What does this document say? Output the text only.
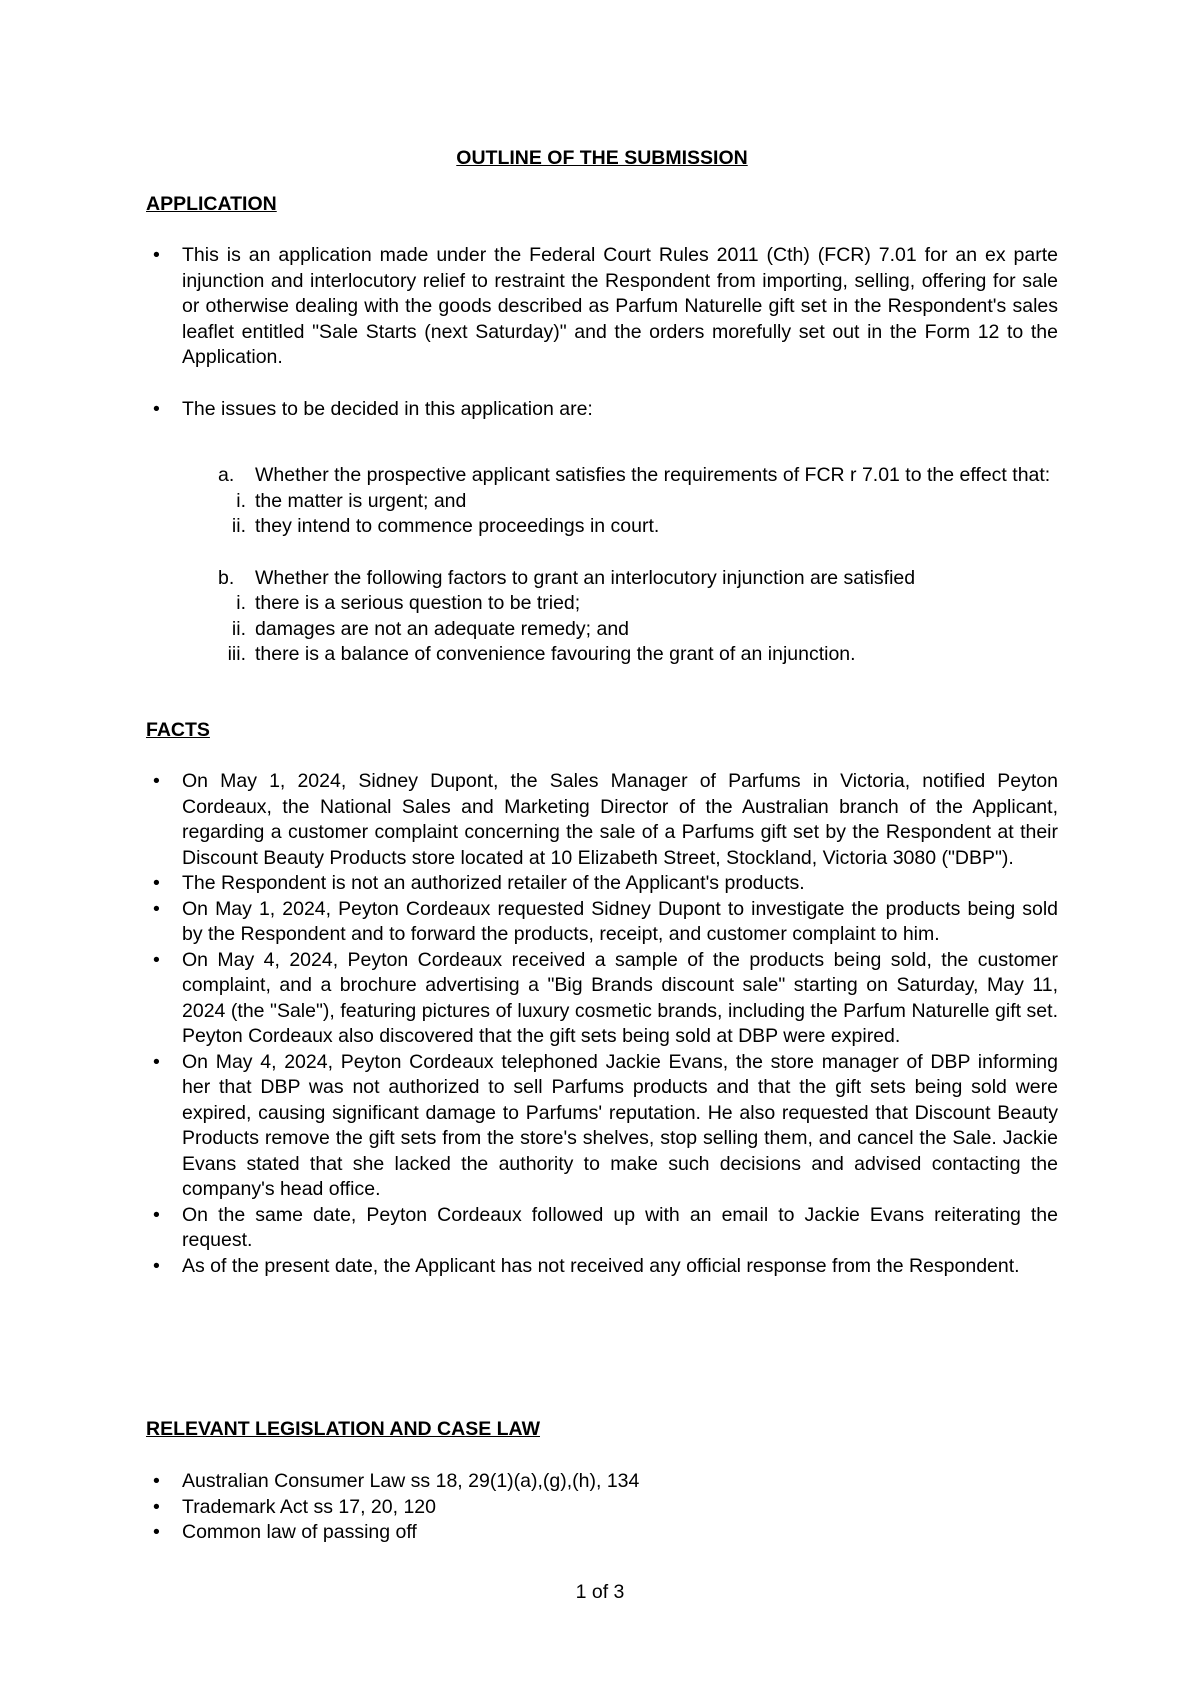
OUTLINE OF THE SUBMISSION
APPLICATION
• This is an application made under the Federal Court Rules 2011 (Cth) (FCR) 7.01 for an ex parte injunction and interlocutory relief to restraint the Respondent from importing, selling, offering for sale or otherwise dealing with the goods described as Parfum Naturelle gift set in the Respondent's sales leaflet entitled "Sale Starts (next Saturday)" and the orders morefully set out in the Form 12 to the Application.
• The issues to be decided in this application are:
a. Whether the prospective applicant satisfies the requirements of FCR r 7.01 to the effect that:
i. the matter is urgent; and
ii. they intend to commence proceedings in court.
b. Whether the following factors to grant an interlocutory injunction are satisfied
i. there is a serious question to be tried;
ii. damages are not an adequate remedy; and
iii. there is a balance of convenience favouring the grant of an injunction.
FACTS
• On May 1, 2024, Sidney Dupont, the Sales Manager of Parfums in Victoria, notified Peyton Cordeaux, the National Sales and Marketing Director of the Australian branch of the Applicant, regarding a customer complaint concerning the sale of a Parfums gift set by the Respondent at their Discount Beauty Products store located at 10 Elizabeth Street, Stockland, Victoria 3080 ("DBP").
• The Respondent is not an authorized retailer of the Applicant's products.
• On May 1, 2024, Peyton Cordeaux requested Sidney Dupont to investigate the products being sold by the Respondent and to forward the products, receipt, and customer complaint to him.
• On May 4, 2024, Peyton Cordeaux received a sample of the products being sold, the customer complaint, and a brochure advertising a "Big Brands discount sale" starting on Saturday, May 11, 2024 (the "Sale"), featuring pictures of luxury cosmetic brands, including the Parfum Naturelle gift set. Peyton Cordeaux also discovered that the gift sets being sold at DBP were expired.
• On May 4, 2024, Peyton Cordeaux telephoned Jackie Evans, the store manager of DBP informing her that DBP was not authorized to sell Parfums products and that the gift sets being sold were expired, causing significant damage to Parfums' reputation. He also requested that Discount Beauty Products remove the gift sets from the store's shelves, stop selling them, and cancel the Sale. Jackie Evans stated that she lacked the authority to make such decisions and advised contacting the company's head office.
• On the same date, Peyton Cordeaux followed up with an email to Jackie Evans reiterating the request.
• As of the present date, the Applicant has not received any official response from the Respondent.
RELEVANT LEGISLATION AND CASE LAW
• Australian Consumer Law ss 18, 29(1)(a),(g),(h), 134
• Trademark Act ss 17, 20, 120
• Common law of passing off
1 of 3
